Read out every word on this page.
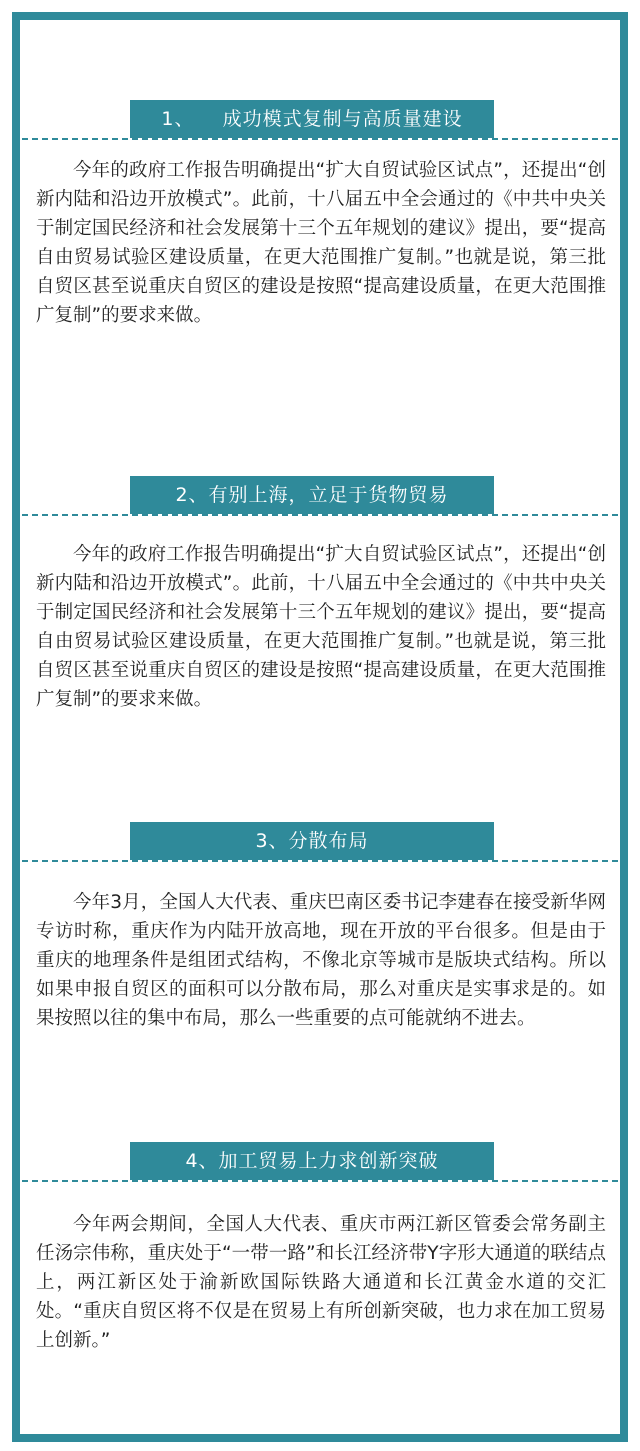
1、    成功模式复制与高质量建设

今年的政府工作报告明确提出“扩大自贸试验区试点”，还提出“创新内陆和沿边开放模式”。此前，十八届五中全会通过的《中共中央关于制定国民经济和社会发展第十三个五年规划的建议》提出，要“提高自由贸易试验区建设质量，在更大范围推广复制。”也就是说，第三批自贸区甚至说重庆自贸区的建设是按照“提高建设质量，在更大范围推广复制”的要求来做。

2、有别上海，立足于货物贸易

今年的政府工作报告明确提出“扩大自贸试验区试点”，还提出“创新内陆和沿边开放模式”。此前，十八届五中全会通过的《中共中央关于制定国民经济和社会发展第十三个五年规划的建议》提出，要“提高自由贸易试验区建设质量，在更大范围推广复制。”也就是说，第三批自贸区甚至说重庆自贸区的建设是按照“提高建设质量，在更大范围推广复制”的要求来做。

3、分散布局

今年3月，全国人大代表、重庆巴南区委书记李建春在接受新华网专访时称，重庆作为内陆开放高地，现在开放的平台很多。但是由于重庆的地理条件是组团式结构，不像北京等城市是版块式结构。所以如果申报自贸区的面积可以分散布局，那么对重庆是实事求是的。如果按照以往的集中布局，那么一些重要的点可能就纳不进去。

4、加工贸易上力求创新突破

今年两会期间，全国人大代表、重庆市两江新区管委会常务副主任汤宗伟称，重庆处于“一带一路”和长江经济带Y字形大通道的联结点上，两江新区处于渝新欧国际铁路大通道和长江黄金水道的交汇处。“重庆自贸区将不仅是在贸易上有所创新突破，也力求在加工贸易上创新。”
